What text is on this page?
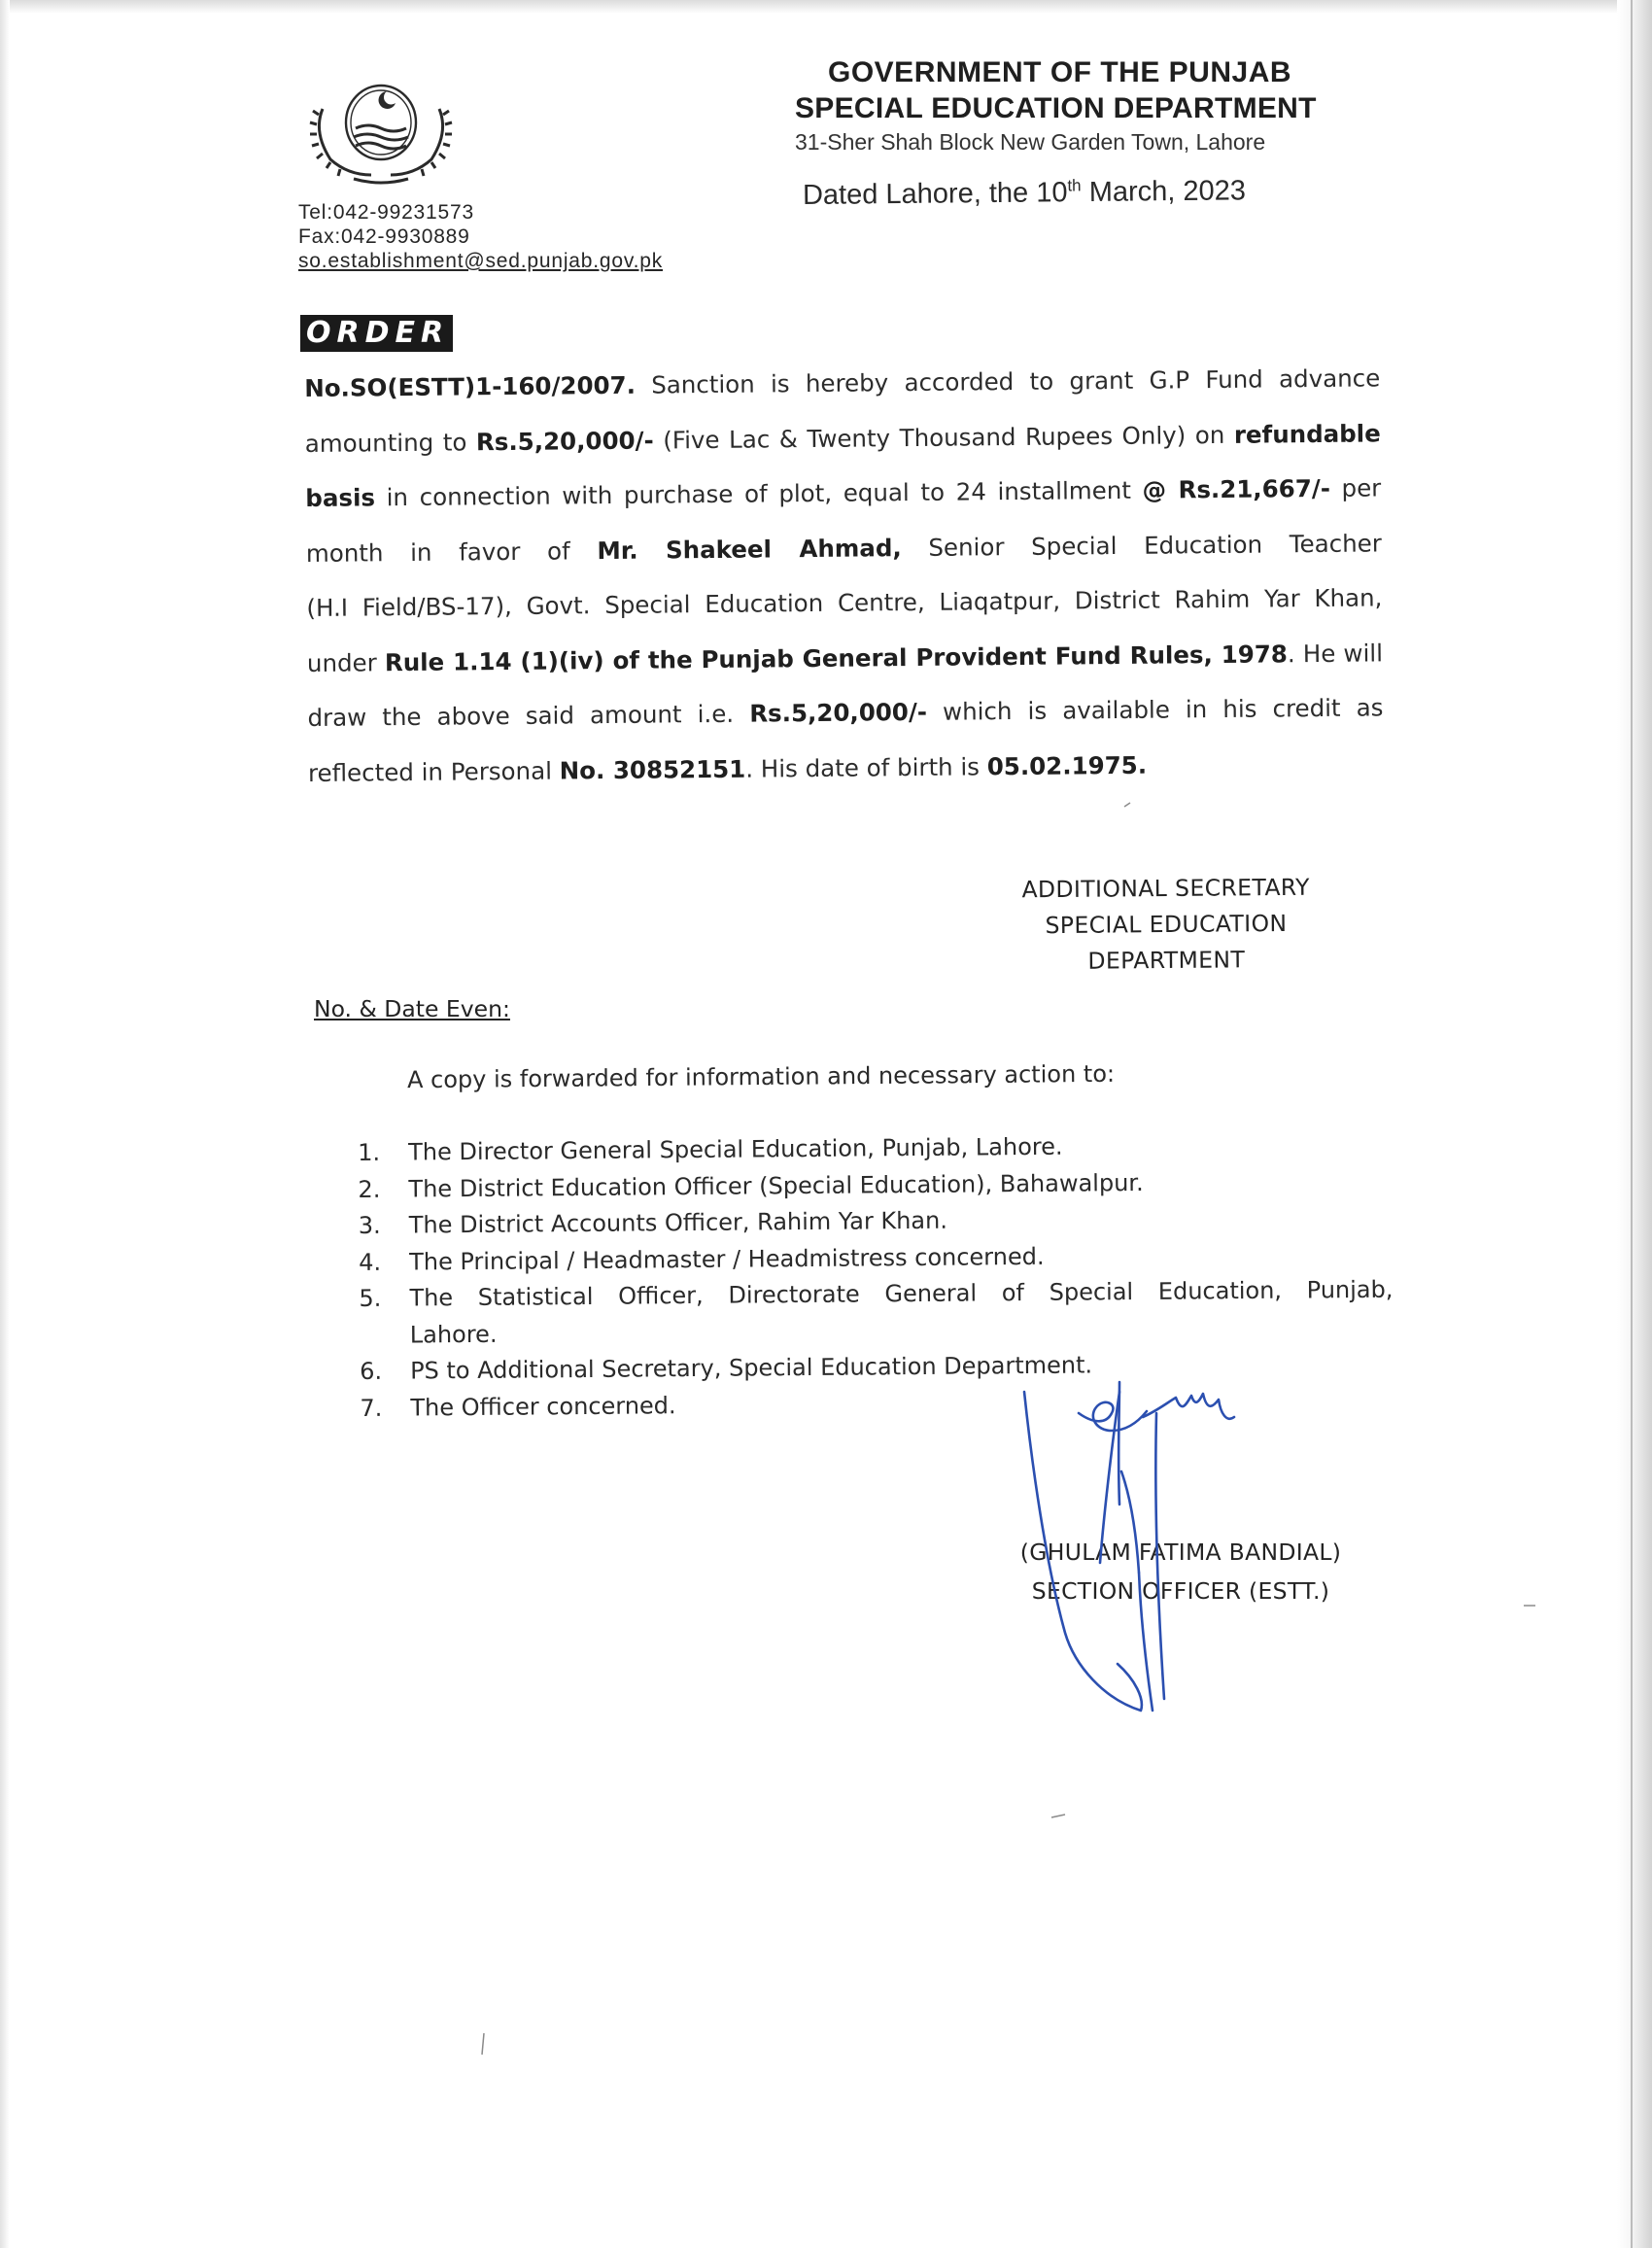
GOVERNMENT OF THE PUNJAB
SPECIAL EDUCATION DEPARTMENT
31-Sher Shah Block New Garden Town, Lahore
Dated Lahore, the 10th March, 2023
Tel:042-99231573
Fax:042-9930889
so.establishment@sed.punjab.gov.pk
ORDER
No.SO(ESTT)1-160/2007. Sanction is hereby accorded to grant G.P Fund advance
amounting to Rs.5,20,000/- (Five Lac & Twenty Thousand Rupees Only) on refundable
basis in connection with purchase of plot, equal to 24 installment @ Rs.21,667/- per
month in favor of Mr. Shakeel Ahmad, Senior Special Education Teacher
(H.I Field/BS-17), Govt. Special Education Centre, Liaqatpur, District Rahim Yar Khan,
under Rule 1.14 (1)(iv) of the Punjab General Provident Fund Rules, 1978. He will
draw the above said amount i.e. Rs.5,20,000/- which is available in his credit as
reflected in Personal No. 30852151. His date of birth is 05.02.1975.
ADDITIONAL SECRETARY
SPECIAL EDUCATION
DEPARTMENT
No. & Date Even:
A copy is forwarded for information and necessary action to:
1.	The Director General Special Education, Punjab, Lahore.
2.	The District Education Officer (Special Education), Bahawalpur.
3.	The District Accounts Officer, Rahim Yar Khan.
4.	The Principal / Headmaster / Headmistress concerned.
5.	The Statistical Officer, Directorate General of Special Education, Punjab,
Lahore.
6.	PS to Additional Secretary, Special Education Department.
7.	The Officer concerned.
(GHULAM FATIMA BANDIAL)
SECTION OFFICER (ESTT.)
